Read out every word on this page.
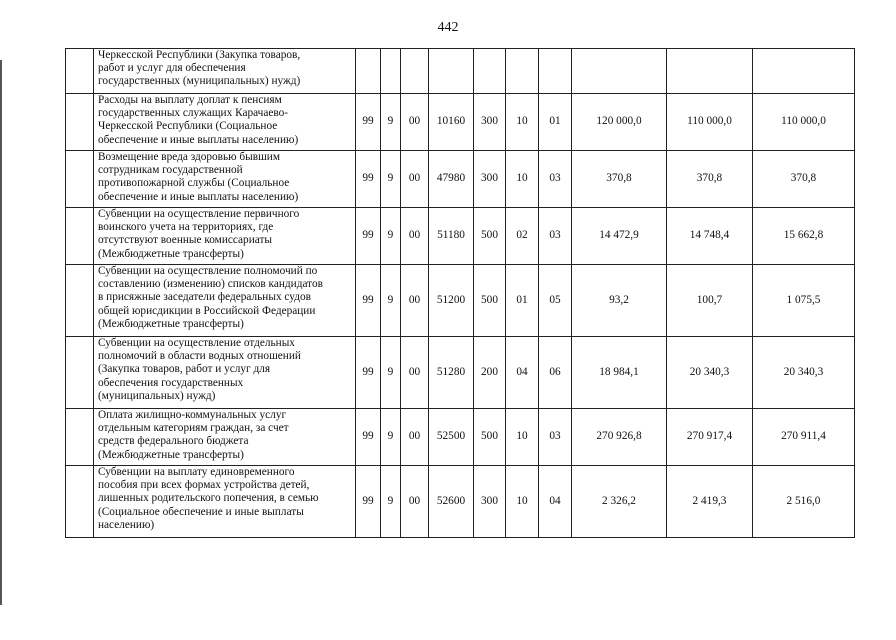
442

	Черкесской Республики (Закупка товаров,
работ и услуг для обеспечения
государственных (муниципальных) нужд)										

	Расходы на выплату доплат к пенсиям
государственных служащих Карачаево-
Черкесской Республики (Социальное
обеспечение и иные выплаты населению)	99	9	00	10160	300	10	01	120 000,0	110 000,0	110 000,0

	Возмещение вреда здоровью бывшим
сотрудникам государственной
противопожарной службы (Социальное
обеспечение и иные выплаты населению)	99	9	00	47980	300	10	03	370,8	370,8	370,8

	Субвенции на осуществление первичного
воинского учета на территориях, где
отсутствуют военные комиссариаты
(Межбюджетные трансферты)	99	9	00	51180	500	02	03	14 472,9	14 748,4	15 662,8

	Субвенции на осуществление полномочий по
составлению (изменению) списков кандидатов
в присяжные заседатели федеральных судов
общей юрисдикции в Российской Федерации
(Межбюджетные трансферты)	99	9	00	51200	500	01	05	93,2	100,7	1 075,5

	Субвенции на осуществление отдельных
полномочий в области водных отношений
(Закупка товаров, работ и услуг для
обеспечения государственных
(муниципальных) нужд)	99	9	00	51280	200	04	06	18 984,1	20 340,3	20 340,3

	Оплата жилищно-коммунальных услуг
отдельным категориям граждан, за счет
средств федерального бюджета
(Межбюджетные трансферты)	99	9	00	52500	500	10	03	270 926,8	270 917,4	270 911,4

	Субвенции на выплату единовременного
пособия при всех формах устройства детей,
лишенных родительского попечения, в семью
(Социальное обеспечение и иные выплаты
населению)	99	9	00	52600	300	10	04	2 326,2	2 419,3	2 516,0
